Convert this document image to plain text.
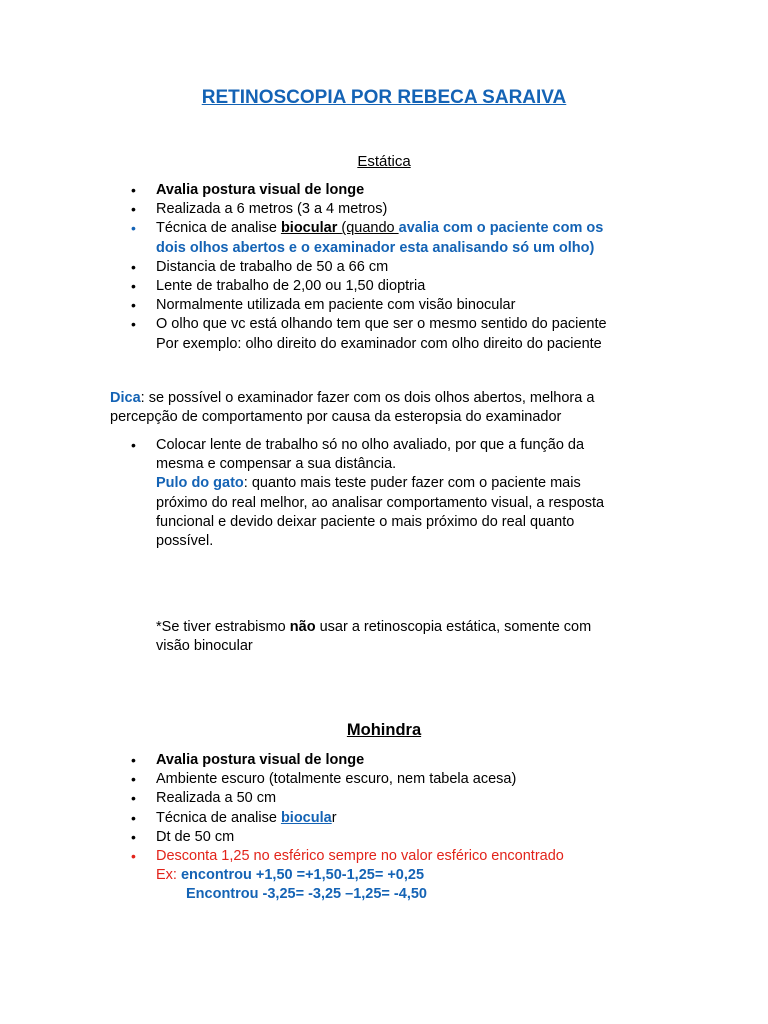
RETINOSCOPIA POR REBECA SARAIVA
Estática
• Avalia postura visual de longe
• Realizada a 6 metros (3 a 4 metros)
• Técnica de analise biocular (quando avalia com o paciente com os
dois olhos abertos e o examinador esta analisando só um olho)
• Distancia de trabalho de 50 a 66 cm
• Lente de trabalho de 2,00 ou 1,50 dioptria
• Normalmente utilizada em paciente com visão binocular
• O olho que vc está olhando tem que ser o mesmo sentido do paciente
Por exemplo: olho direito do examinador com olho direito do paciente
Dica: se possível o examinador fazer com os dois olhos abertos, melhora a
percepção de comportamento por causa da esteropsia do examinador
• Colocar lente de trabalho só no olho avaliado, por que a função da
mesma e compensar a sua distância.
Pulo do gato: quanto mais teste puder fazer com o paciente mais
próximo do real melhor, ao analisar comportamento visual, a resposta
funcional e devido deixar paciente o mais próximo do real quanto
possível.
*Se tiver estrabismo não usar a retinoscopia estática, somente com
visão binocular
Mohindra
• Avalia postura visual de longe
• Ambiente escuro (totalmente escuro, nem tabela acesa)
• Realizada a 50 cm
• Técnica de analise biocular
• Dt de 50 cm
• Desconta 1,25 no esférico sempre no valor esférico encontrado
Ex: encontrou +1,50 =+1,50-1,25= +0,25
Encontrou -3,25= -3,25 –1,25= -4,50
